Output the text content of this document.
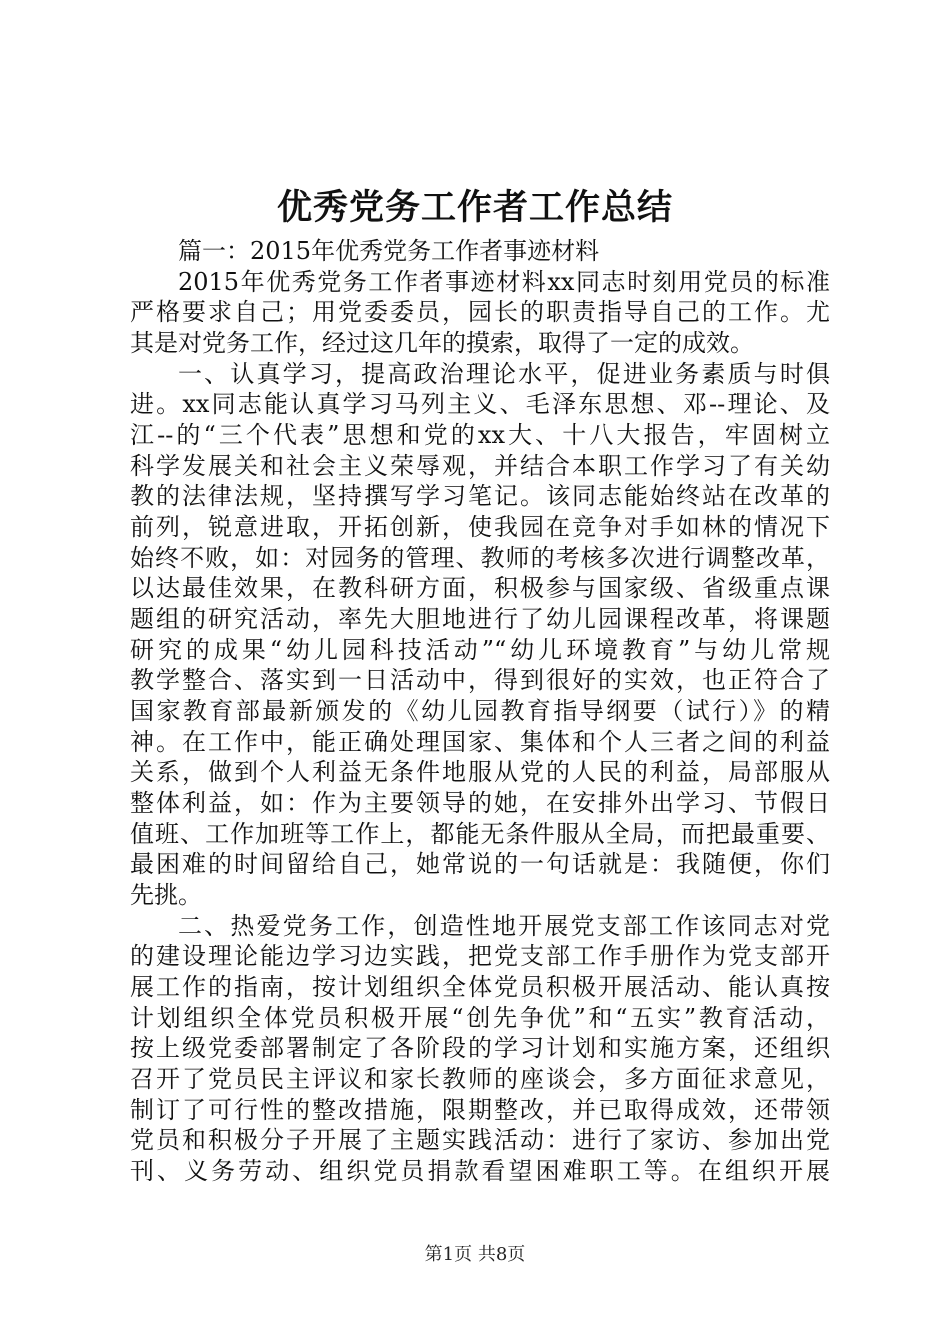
优秀党务工作者工作总结
篇一：2015年优秀党务工作者事迹材料
2015年优秀党务工作者事迹材料xx同志时刻用党员的标准
严格要求自己；用党委委员，园长的职责指导自己的工作。尤
其是对党务工作，经过这几年的摸索，取得了一定的成效。
一、认真学习，提高政治理论水平，促进业务素质与时俱
进。xx同志能认真学习马列主义、毛泽东思想、邓--理论、及
江--的“三个代表”思想和党的xx大、十八大报告，牢固树立
科学发展关和社会主义荣辱观，并结合本职工作学习了有关幼
教的法律法规，坚持撰写学习笔记。该同志能始终站在改革的
前列，锐意进取，开拓创新，使我园在竞争对手如林的情况下
始终不败，如：对园务的管理、教师的考核多次进行调整改革，
以达最佳效果，在教科研方面，积极参与国家级、省级重点课
题组的研究活动，率先大胆地进行了幼儿园课程改革，将课题
研究的成果“幼儿园科技活动”“幼儿环境教育”与幼儿常规
教学整合、落实到一日活动中，得到很好的实效，也正符合了
国家教育部最新颁发的《幼儿园教育指导纲要（试行）》的精
神。在工作中，能正确处理国家、集体和个人三者之间的利益
关系，做到个人利益无条件地服从党的人民的利益，局部服从
整体利益，如：作为主要领导的她，在安排外出学习、节假日
值班、工作加班等工作上，都能无条件服从全局，而把最重要、
最困难的时间留给自己，她常说的一句话就是：我随便，你们
先挑。
二、热爱党务工作，创造性地开展党支部工作该同志对党
的建设理论能边学习边实践，把党支部工作手册作为党支部开
展工作的指南，按计划组织全体党员积极开展活动、能认真按
计划组织全体党员积极开展“创先争优”和“五实”教育活动，
按上级党委部署制定了各阶段的学习计划和实施方案，还组织
召开了党员民主评议和家长教师的座谈会，多方面征求意见，
制订了可行性的整改措施，限期整改，并已取得成效，还带领
党员和积极分子开展了主题实践活动：进行了家访、参加出党
刊、义务劳动、组织党员捐款看望困难职工等。在组织开展
第1页 共8页
